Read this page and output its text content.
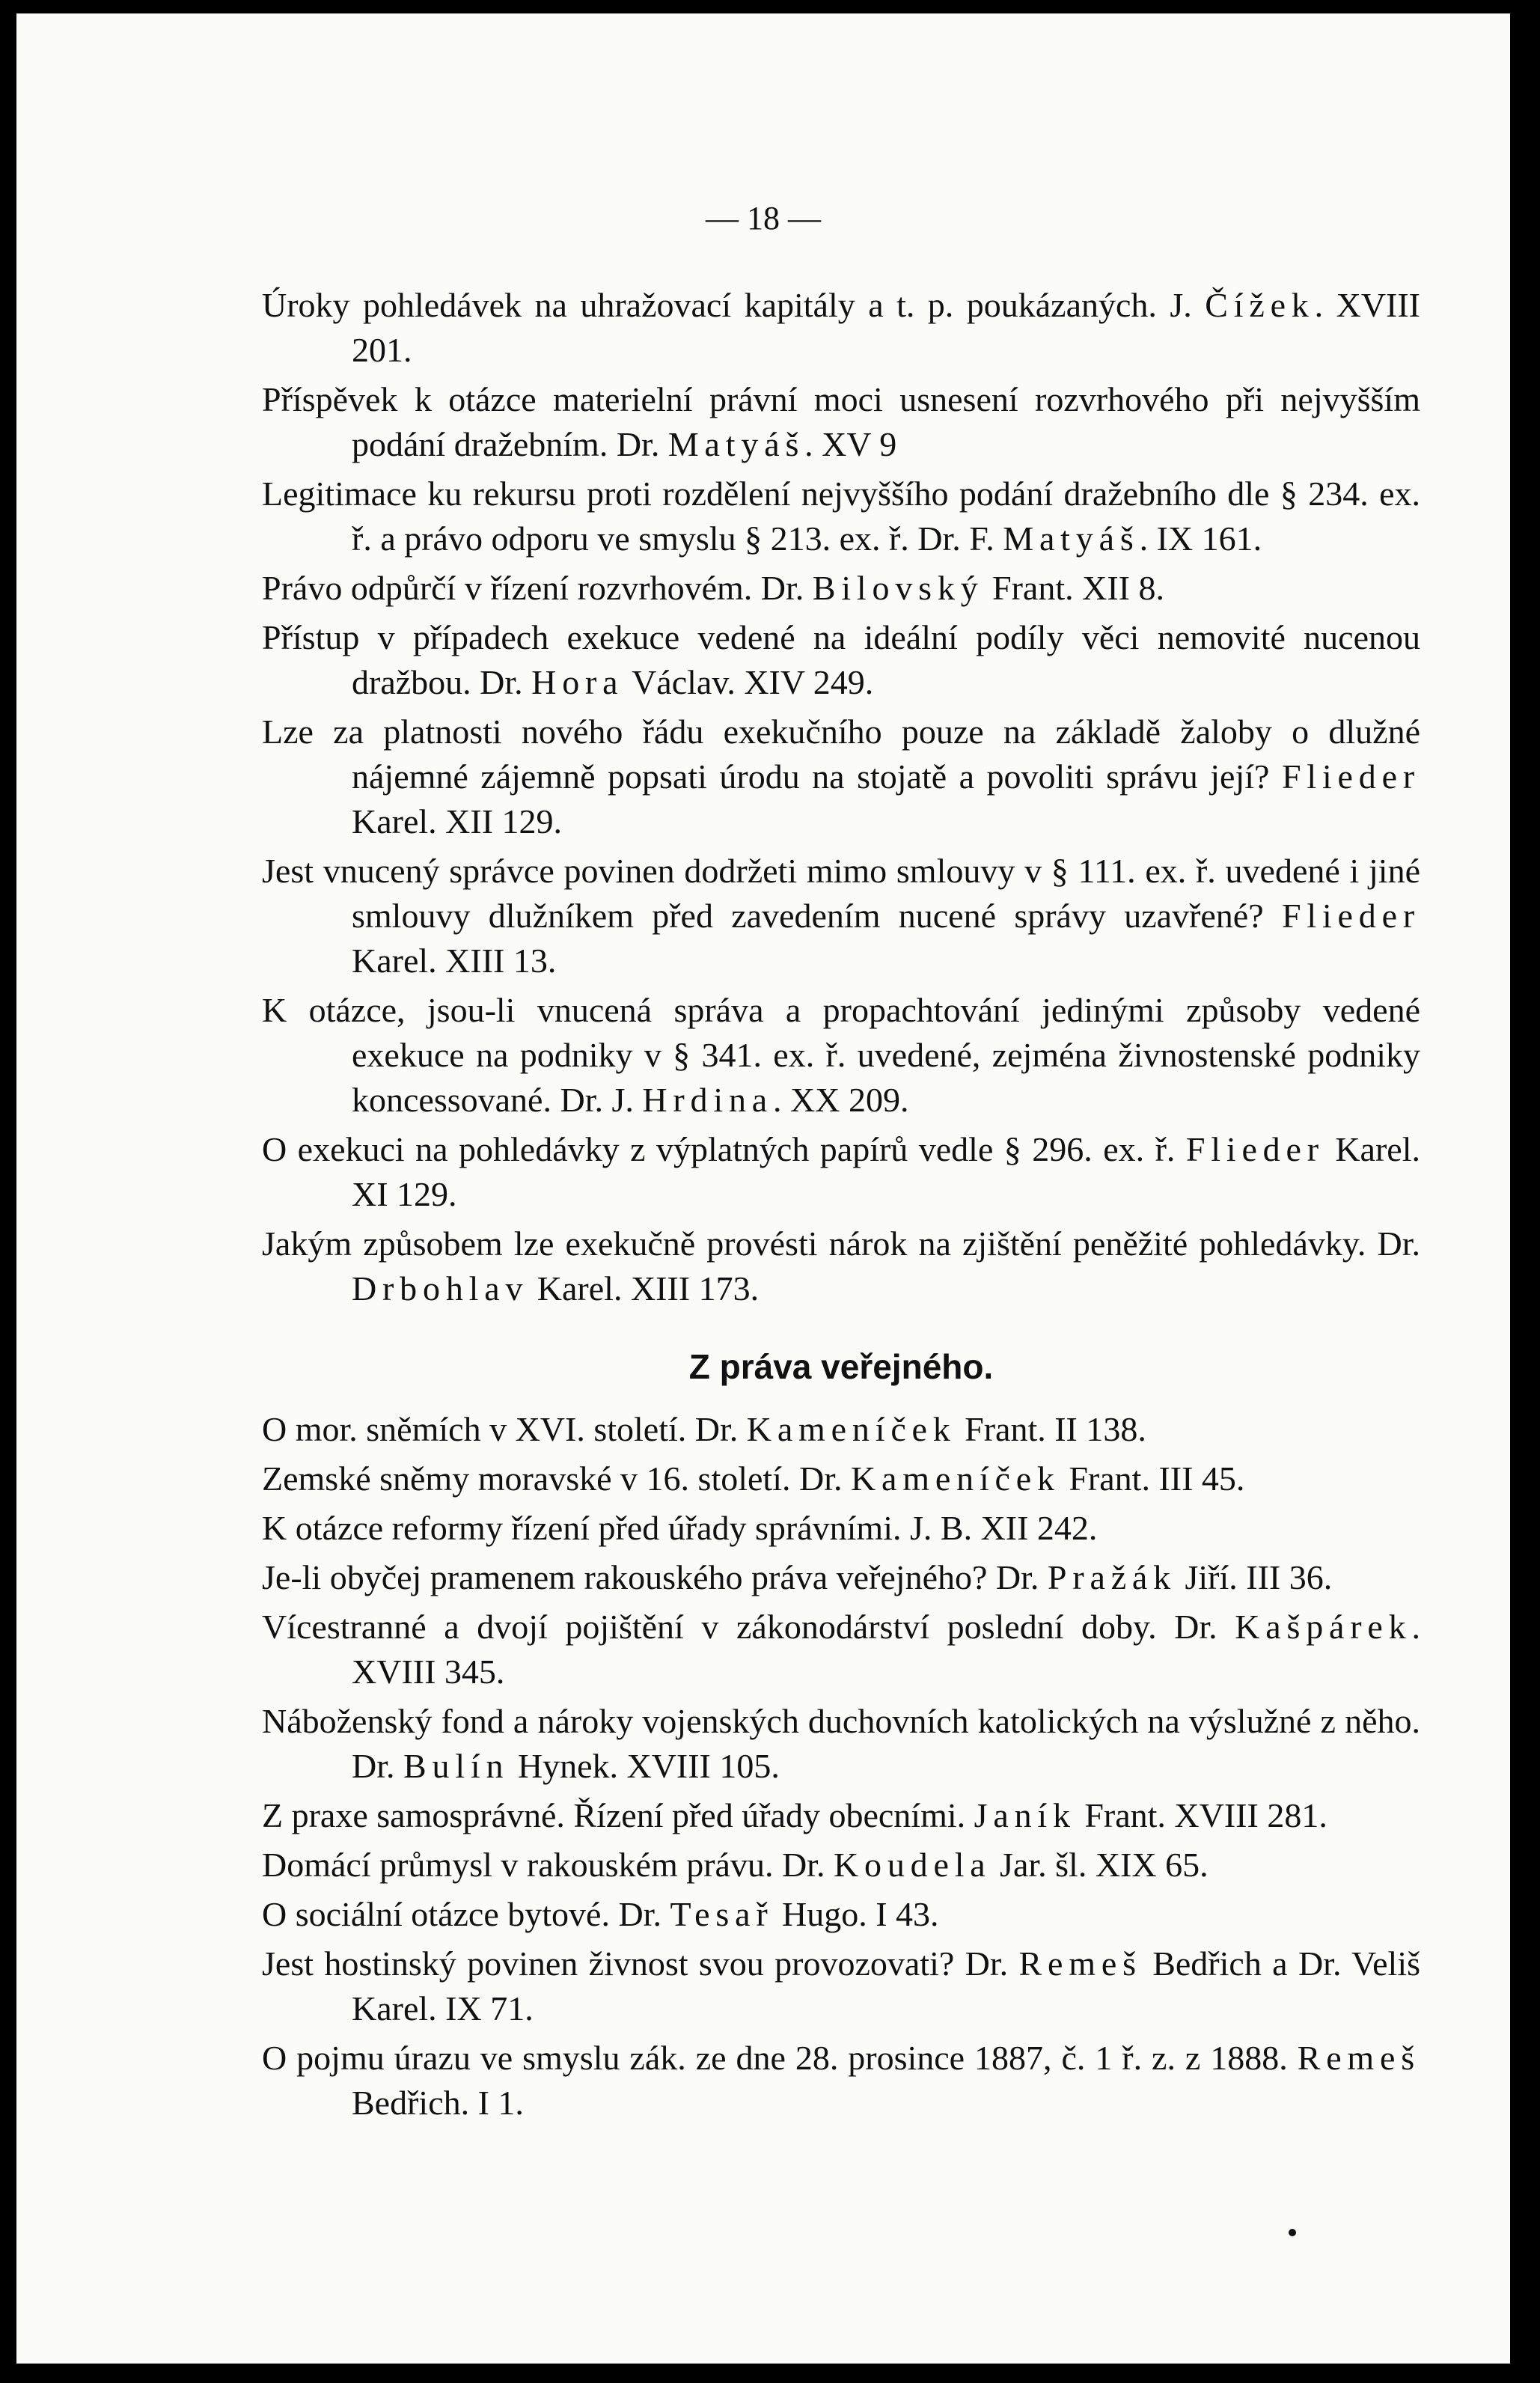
— 18 —
Úroky pohledávek na uhražovací kapitály a t. p. poukázaných. J. Čížek. XVIII 201.
Příspěvek k otázce materielní právní moci usnesení rozvrhového při nejvyšším podání dražebním. Dr. Matyáš. XV 9
Legitimace ku rekursu proti rozdělení nejvyššího podání dražebního dle § 234. ex. ř. a právo odporu ve smyslu § 213. ex. ř. Dr. F. Matyáš. IX 161.
Právo odpůrčí v řízení rozvrhovém. Dr. Bilovský Frant. XII 8.
Přístup v případech exekuce vedené na ideální podíly věci nemovité nucenou dražbou. Dr. Hora Václav. XIV 249.
Lze za platnosti nového řádu exekučního pouze na základě žaloby o dlužné nájemné zájemně popsati úrodu na stojatě a povoliti správu její? Flieder Karel. XII 129.
Jest vnucený správce povinen dodržeti mimo smlouvy v § 111. ex. ř. uvedené i jiné smlouvy dlužníkem před zavedením nucené správy uzavřené? Flieder Karel. XIII 13.
K otázce, jsou-li vnucená správa a propachtování jedinými způsoby vedené exekuce na podniky v § 341. ex. ř. uvedené, zejména živnostenské podniky koncessované. Dr. J. Hrdina. XX 209.
O exekuci na pohledávky z výplatných papírů vedle § 296. ex. ř. Flieder Karel. XI 129.
Jakým způsobem lze exekučně provésti nárok na zjištění peněžité pohledávky. Dr. Drbohlav Karel. XIII 173.
Z práva veřejného.
O mor. sněmích v XVI. století. Dr. Kameníček Frant. II 138.
Zemské sněmy moravské v 16. století. Dr. Kameníček Frant. III 45.
K otázce reformy řízení před úřady správními. J. B. XII 242.
Je-li obyčej pramenem rakouského práva veřejného? Dr. Pražák Jiří. III 36.
Vícestranné a dvojí pojištění v zákonodárství poslední doby. Dr. Kašpárek. XVIII 345.
Náboženský fond a nároky vojenských duchovních katolických na výslužné z něho. Dr. Bulín Hynek. XVIII 105.
Z praxe samosprávné. Řízení před úřady obecními. Janík Frant. XVIII 281.
Domácí průmysl v rakouském právu. Dr. Koudela Jar. šl. XIX 65.
O sociální otázce bytové. Dr. Tesař Hugo. I 43.
Jest hostinský povinen živnost svou provozovati? Dr. Remeš Bedřich a Dr. Veliš Karel. IX 71.
O pojmu úrazu ve smyslu zák. ze dne 28. prosince 1887, č. 1 ř. z. z 1888. Remeš Bedřich. I 1.
